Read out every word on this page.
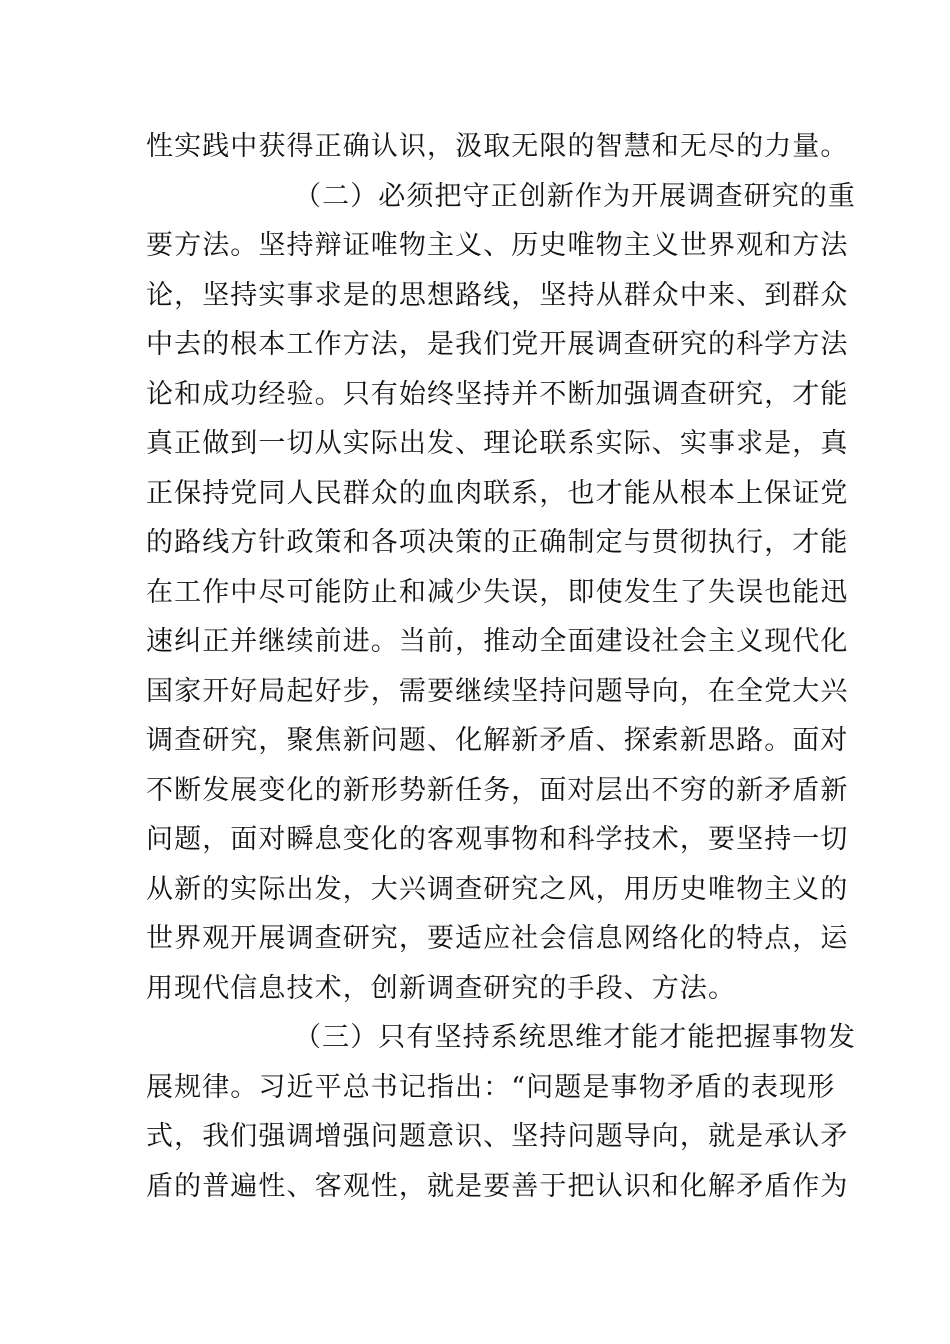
性实践中获得正确认识，汲取无限的智慧和无尽的力量。
（二）必须把守正创新作为开展调查研究的重
要方法。坚持辩证唯物主义、历史唯物主义世界观和方法
论，坚持实事求是的思想路线，坚持从群众中来、到群众
中去的根本工作方法，是我们党开展调查研究的科学方法
论和成功经验。只有始终坚持并不断加强调查研究，才能
真正做到一切从实际出发、理论联系实际、实事求是，真
正保持党同人民群众的血肉联系，也才能从根本上保证党
的路线方针政策和各项决策的正确制定与贯彻执行，才能
在工作中尽可能防止和减少失误，即使发生了失误也能迅
速纠正并继续前进。当前，推动全面建设社会主义现代化
国家开好局起好步，需要继续坚持问题导向，在全党大兴
调查研究，聚焦新问题、化解新矛盾、探索新思路。面对
不断发展变化的新形势新任务，面对层出不穷的新矛盾新
问题，面对瞬息变化的客观事物和科学技术，要坚持一切
从新的实际出发，大兴调查研究之风，用历史唯物主义的
世界观开展调查研究，要适应社会信息网络化的特点，运
用现代信息技术，创新调查研究的手段、方法。
（三）只有坚持系统思维才能才能把握事物发
展规律。习近平总书记指出：“问题是事物矛盾的表现形
式，我们强调增强问题意识、坚持问题导向，就是承认矛
盾的普遍性、客观性，就是要善于把认识和化解矛盾作为
